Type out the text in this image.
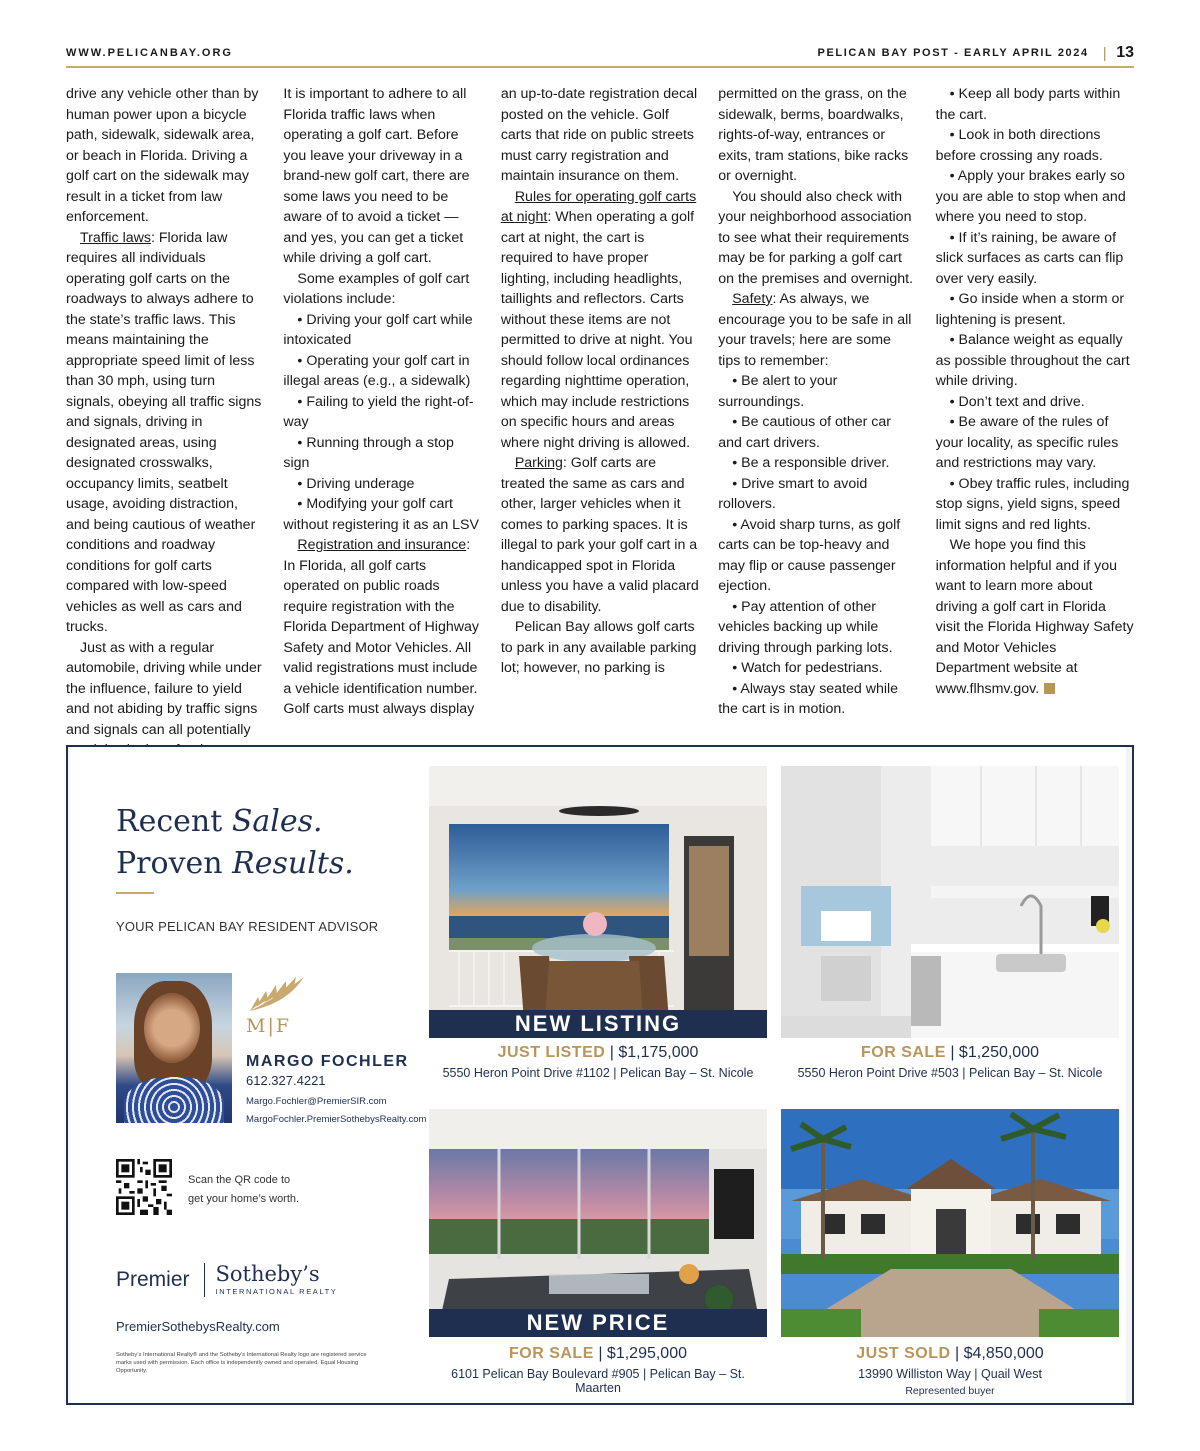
WWW.PELICANBAY.ORG	PELICAN BAY POST - EARLY APRIL 2024 | 13

drive any vehicle other than by human power upon a bicycle path, sidewalk, sidewalk area, or beach in Florida. Driving a golf cart on the sidewalk may result in a ticket from law enforcement.

Traffic laws: Florida law requires all individuals operating golf carts on the roadways to always adhere to the state’s traffic laws. This means maintaining the appropriate speed limit of less than 30 mph, using turn signals, obeying all traffic signs and signals, driving in designated areas, using designated crosswalks, occupancy limits, seatbelt usage, avoiding distraction, and being cautious of weather conditions and roadway conditions for golf carts compared with low-speed vehicles as well as cars and trucks.

Just as with a regular automobile, driving while under the influence, failure to yield and not abiding by traffic signs and signals can all potentially

It is important to adhere to all Florida traffic laws when operating a golf cart. Before you leave your driveway in a brand-new golf cart, there are some laws you need to be aware of to avoid a ticket — and yes, you can get a ticket while driving a golf cart.

Some examples of golf cart violations include:

• Driving your golf cart while intoxicated

• Operating your golf cart in illegal areas (e.g., a sidewalk)

• Failing to yield the right-of-way

• Running through a stop sign

• Driving underage

• Modifying your golf cart without registering it as an LSV

Registration and insurance: In Florida, all golf carts operated on public roads require registration with the Florida Department of Highway Safety and Motor Vehicles. All valid registrations must include a vehicle identification number. Golf carts must always display

an up-to-date registration decal posted on the vehicle. Golf carts that ride on public streets must carry registration and maintain insurance on them.

Rules for operating golf carts at night: When operating a golf cart at night, the cart is required to have proper lighting, including headlights, taillights and reflectors. Carts without these items are not permitted to drive at night. You should follow local ordinances regarding nighttime operation, which may include restrictions on specific hours and areas where night driving is allowed.

Parking: Golf carts are treated the same as cars and other, larger vehicles when it comes to parking spaces. It is illegal to park your golf cart in a handicapped spot in Florida unless you have a valid placard due to disability.

Pelican Bay allows golf carts to park in any available parking lot; however, no parking is

permitted on the grass, on the sidewalk, berms, boardwalks, rights-of-way, entrances or exits, tram stations, bike racks or overnight.

You should also check with your neighborhood association to see what their requirements may be for parking a golf cart on the premises and overnight.

Safety: As always, we encourage you to be safe in all your travels; here are some tips to remember:

• Be alert to your surroundings.

• Be cautious of other car and cart drivers.

• Be a responsible driver.

• Drive smart to avoid rollovers.

• Avoid sharp turns, as golf carts can be top-heavy and may flip or cause passenger ejection.

• Pay attention of other vehicles backing up while driving through parking lots.

• Watch for pedestrians.

• Always stay seated while the cart is in motion.

• Keep all body parts within the cart.

• Look in both directions before crossing any roads.

• Apply your brakes early so you are able to stop when and where you need to stop.

• If it’s raining, be aware of slick surfaces as carts can flip over very easily.

• Go inside when a storm or lightening is present.

• Balance weight as equally as possible throughout the cart while driving.

• Don’t text and drive.

• Be aware of the rules of your locality, as specific rules and restrictions may vary.

• Obey traffic rules, including stop signs, yield signs, speed limit signs and red lights.

We hope you find this information helpful and if you want to learn more about driving a golf cart in Florida visit the Florida Highway Safety and Motor Vehicles Department website at www.flhsmv.gov.

Recent Sales.
Proven Results.
YOUR PELICAN BAY RESIDENT ADVISOR
M|F
MARGO FOCHLER
612.327.4221
Margo.Fochler@PremierSIR.com
MargoFochler.PremierSothebysRealty.com
Scan the QR code to
get your home’s worth.
Premier Sotheby’s
INTERNATIONAL REALTY
PremierSothebysRealty.com
Sotheby’s International Realty® and the Sotheby’s International Realty logo are registered service marks used with permission. Each office is independently owned and operated. Equal Housing Opportunity.
NEW LISTING
JUST LISTED | $1,175,000
5550 Heron Point Drive #1102 | Pelican Bay – St. Nicole
FOR SALE | $1,250,000
5550 Heron Point Drive #503 | Pelican Bay – St. Nicole
NEW PRICE
FOR SALE | $1,295,000
6101 Pelican Bay Boulevard #905 | Pelican Bay – St. Maarten
JUST SOLD | $4,850,000
13990 Williston Way | Quail West
Represented buyer
